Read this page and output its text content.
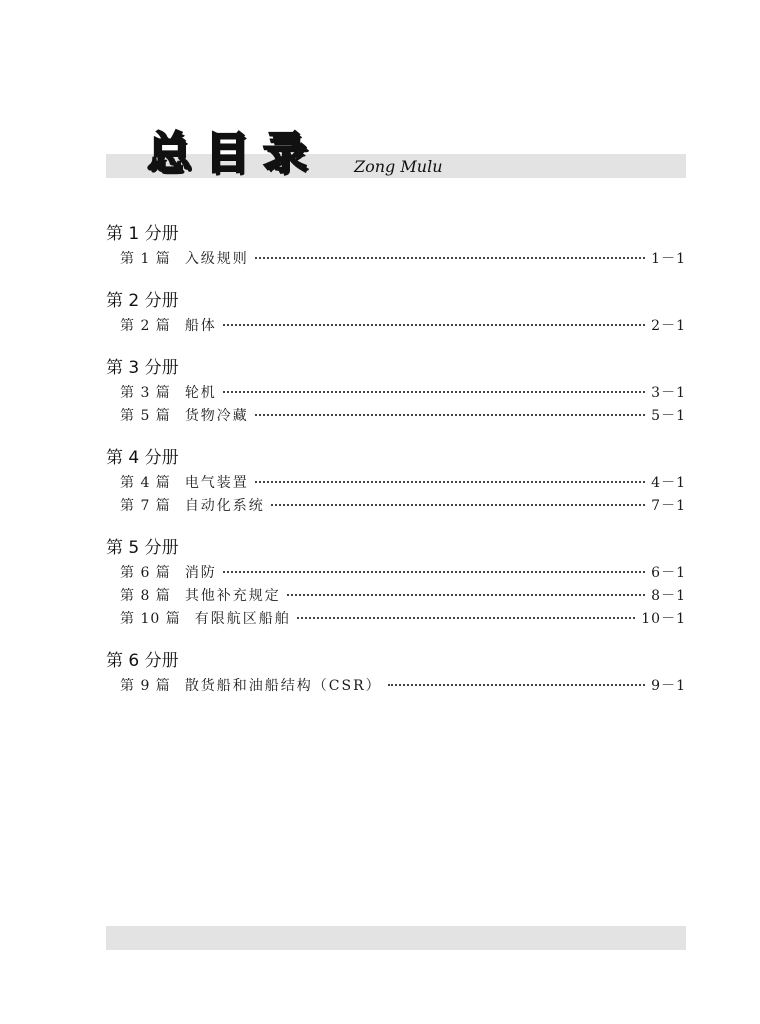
总目录 Zong Mulu
第 1 分册
第 1 篇 入级规则	1－1
第 2 分册
第 2 篇 船体	2－1
第 3 分册
第 3 篇 轮机	3－1
第 5 篇 货物冷藏	5－1
第 4 分册
第 4 篇 电气装置	4－1
第 7 篇 自动化系统	7－1
第 5 分册
第 6 篇 消防	6－1
第 8 篇 其他补充规定	8－1
第 10 篇 有限航区船舶	10－1
第 6 分册
第 9 篇 散货船和油船结构（CSR）	9－1
